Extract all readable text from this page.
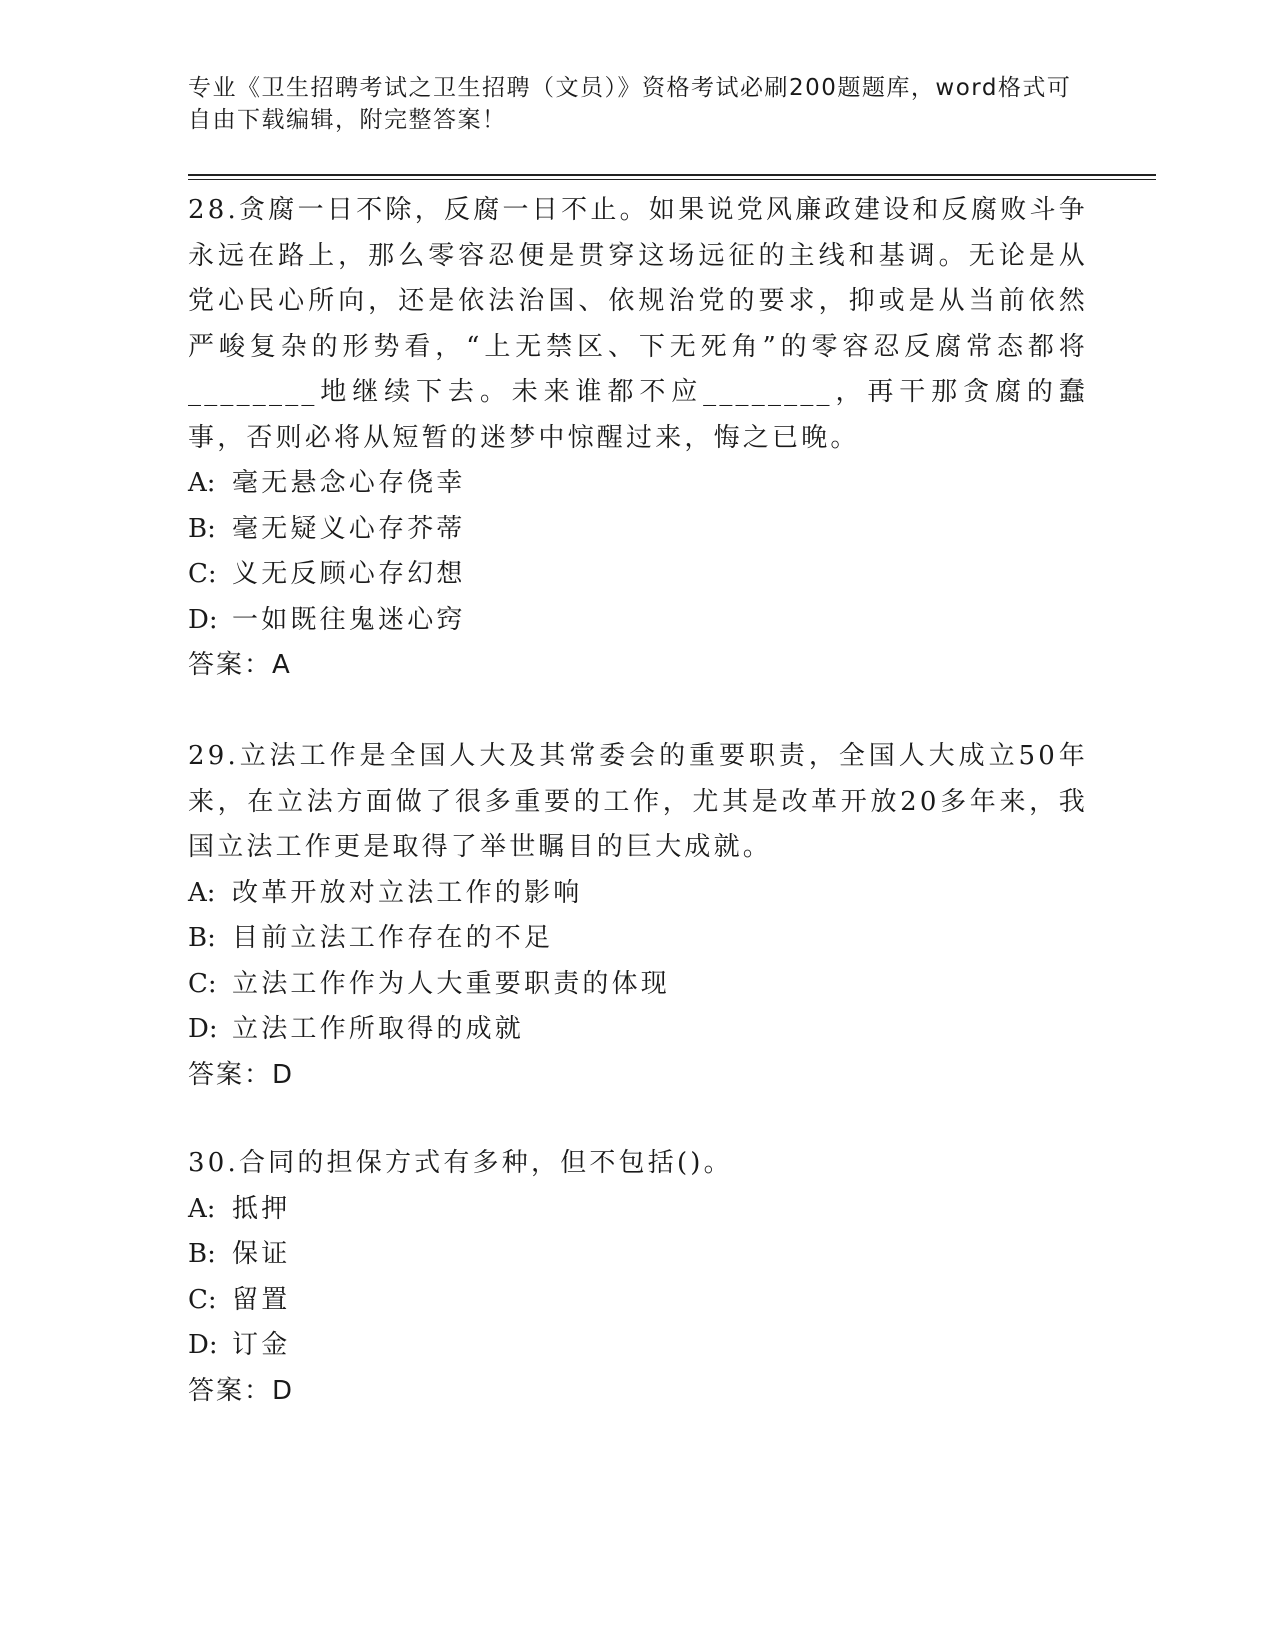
专业《卫生招聘考试之卫生招聘（文员）》资格考试必刷200题题库，word格式可自由下载编辑，附完整答案！

28.贪腐一日不除，反腐一日不止。如果说党风廉政建设和反腐败斗争永远在路上，那么零容忍便是贯穿这场远征的主线和基调。无论是从党心民心所向，还是依法治国、依规治党的要求，抑或是从当前依然严峻复杂的形势看，“上无禁区、下无死角”的零容忍反腐常态都将________地继续下去。未来谁都不应________，再干那贪腐的蠢事，否则必将从短暂的迷梦中惊醒过来，悔之已晚。

A: 毫无悬念心存侥幸

B: 毫无疑义心存芥蒂

C: 义无反顾心存幻想

D: 一如既往鬼迷心窍

答案：A

29.立法工作是全国人大及其常委会的重要职责，全国人大成立50年来，在立法方面做了很多重要的工作，尤其是改革开放20多年来，我国立法工作更是取得了举世瞩目的巨大成就。

A: 改革开放对立法工作的影响

B: 目前立法工作存在的不足

C: 立法工作作为人大重要职责的体现

D: 立法工作所取得的成就

答案：D

30.合同的担保方式有多种，但不包括()。

A: 抵押

B: 保证

C: 留置

D: 订金

答案：D
